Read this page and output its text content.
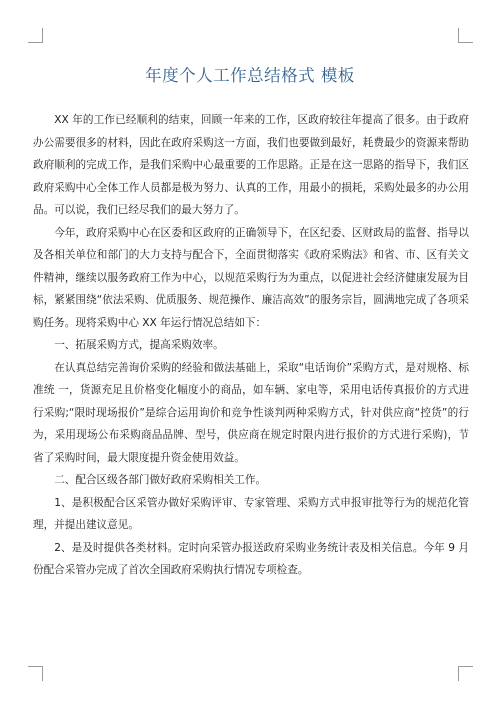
年度个人工作总结格式 模板

XX 年的工作已经顺利的结束，回顾一年来的工作，区政府较往年提高了很多。由于政府办公需要很多的材料，因此在政府采购这一方面，我们也要做到最好，耗费最少的资源来帮助政府顺利的完成工作，是我们采购中心最重要的工作思路。正是在这一思路的指导下，我们区政府采购中心全体工作人员都是极为努力、认真的工作，用最小的损耗，采购处最多的办公用品。可以说，我们已经尽我们的最大努力了。

今年，政府采购中心在区委和区政府的正确领导下，在区纪委、区财政局的监督、指导以及各相关单位和部门的大力支持与配合下，全面贯彻落实《政府采购法》和省、市、区有关文件精神，继续以服务政府工作为中心，以规范采购行为为重点，以促进社会经济健康发展为目标，紧紧围绕“依法采购、优质服务、规范操作、廉洁高效”的服务宗旨，圆满地完成了各项采购任务。现将采购中心 XX 年运行情况总结如下：

一、拓展采购方式，提高采购效率。

在认真总结完善询价采购的经验和做法基础上，采取“电话询价”采购方式，是对规格、标准统 一，货源充足且价格变化幅度小的商品，如车辆、家电等，采用电话传真报价的方式进行采购;“限时现场报价”是综合运用询价和竞争性谈判两种采购方式，针对供应商“控货”的行为，采用现场公布采购商品品牌、型号，供应商在规定时限内进行报价的方式进行采购)，节省了采购时间，最大限度提升资金使用效益。

二、配合区级各部门做好政府采购相关工作。

1、是积极配合区采管办做好采购评审、专家管理、采购方式申报审批等行为的规范化管理，并提出建议意见。

2、是及时提供各类材料。定时向采管办报送政府采购业务统计表及相关信息。今年 9 月份配合采管办完成了首次全国政府采购执行情况专项检查。
